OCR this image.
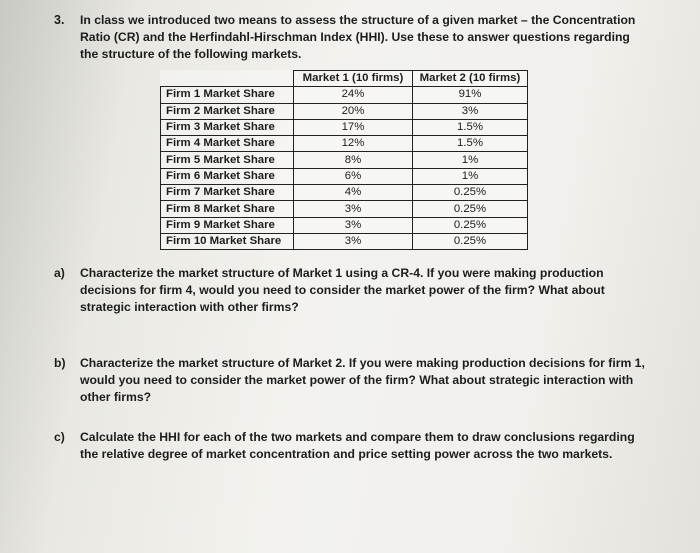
3. In class we introduced two means to assess the structure of a given market – the Concentration Ratio (CR) and the Herfindahl-Hirschman Index (HHI). Use these to answer questions regarding the structure of the following markets.
	Market 1 (10 firms)	Market 2 (10 firms)
Firm 1 Market Share	24%	91%
Firm 2 Market Share	20%	3%
Firm 3 Market Share	17%	1.5%
Firm 4 Market Share	12%	1.5%
Firm 5 Market Share	8%	1%
Firm 6 Market Share	6%	1%
Firm 7 Market Share	4%	0.25%
Firm 8 Market Share	3%	0.25%
Firm 9 Market Share	3%	0.25%
Firm 10 Market Share	3%	0.25%
a) Characterize the market structure of Market 1 using a CR-4. If you were making production decisions for firm 4, would you need to consider the market power of the firm? What about strategic interaction with other firms?
b) Characterize the market structure of Market 2. If you were making production decisions for firm 1, would you need to consider the market power of the firm? What about strategic interaction with other firms?
c) Calculate the HHI for each of the two markets and compare them to draw conclusions regarding the relative degree of market concentration and price setting power across the two markets.
